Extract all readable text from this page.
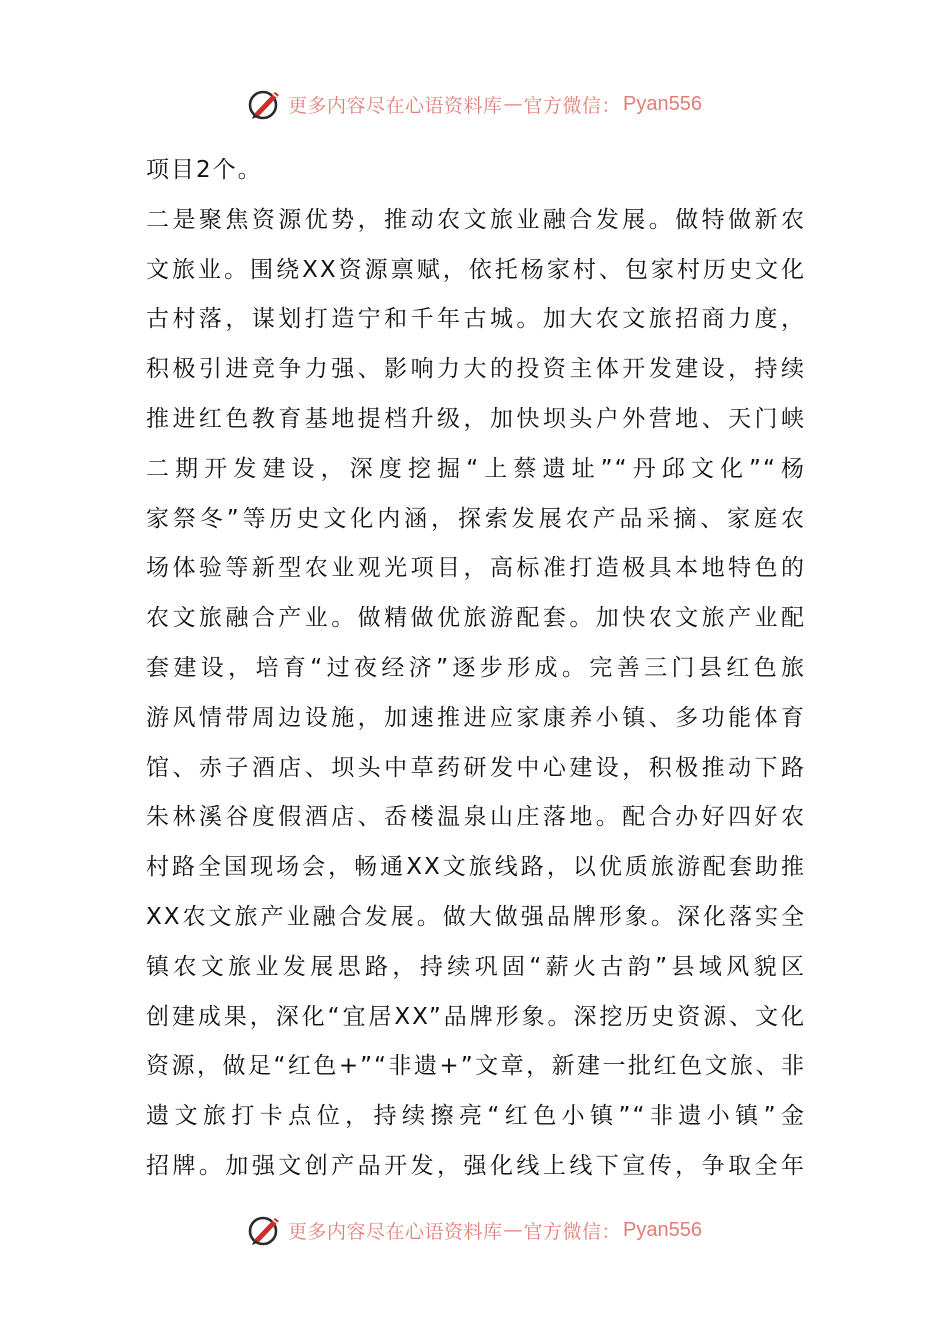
更多内容尽在心语资料库 — 官方微信： Pyan556
项目2个。
二是聚焦资源优势，推动农文旅业融合发展。做特做新农
文旅业。围绕XX资源禀赋，依托杨家村、包家村历史文化
古村落，谋划打造宁和千年古城。加大农文旅招商力度，
积极引进竞争力强、影响力大的投资主体开发建设，持续
推进红色教育基地提档升级，加快坝头户外营地、天门峡
二期开发建设，深度挖掘“上蔡遗址”“丹邱文化”“杨
家祭冬”等历史文化内涵，探索发展农产品采摘、家庭农
场体验等新型农业观光项目，高标准打造极具本地特色的
农文旅融合产业。做精做优旅游配套。加快农文旅产业配
套建设，培育“过夜经济”逐步形成。完善三门县红色旅
游风情带周边设施，加速推进应家康养小镇、多功能体育
馆、赤子酒店、坝头中草药研发中心建设，积极推动下路
朱林溪谷度假酒店、岙楼温泉山庄落地。配合办好四好农
村路全国现场会，畅通XX文旅线路，以优质旅游配套助推
XX农文旅产业融合发展。做大做强品牌形象。深化落实全
镇农文旅业发展思路，持续巩固“薪火古韵”县域风貌区
创建成果，深化“宜居XX”品牌形象。深挖历史资源、文化
资源，做足“红色+”“非遗+”文章，新建一批红色文旅、非
遗文旅打卡点位，持续擦亮“红色小镇”“非遗小镇”金
招牌。加强文创产品开发，强化线上线下宣传，争取全年
更多内容尽在心语资料库 — 官方微信： Pyan556
